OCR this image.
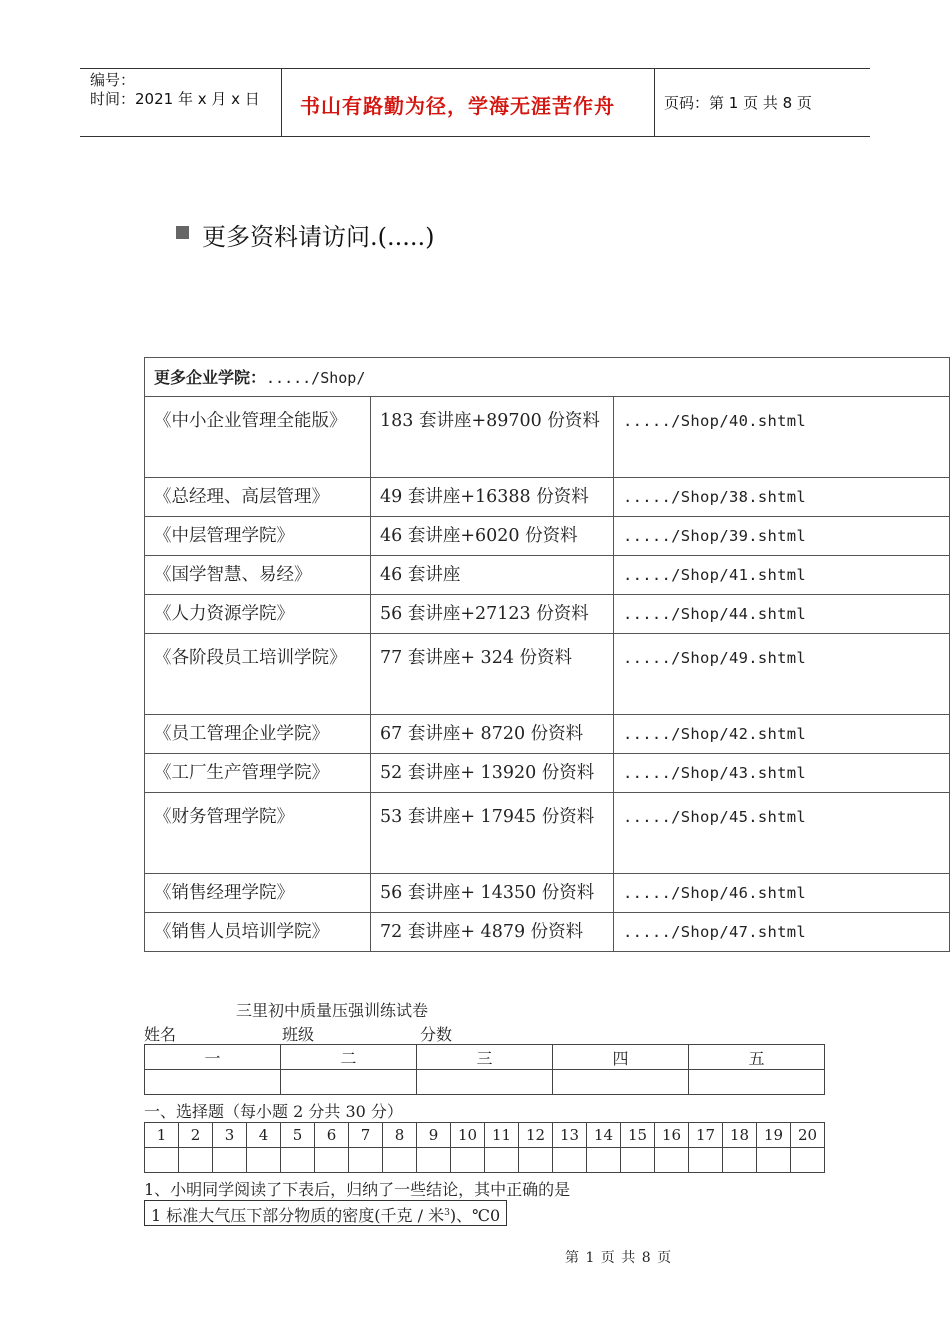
编号：
时间：2021 年 x 月 x 日 书山有路勤为径，学海无涯苦作舟	页码：第 1 页 共 8 页
更多资料请访问.(.....)
更多企业学院：...../Shop/		
《中小企业管理全能版》	183 套讲座+89700 份资料	...../Shop/40.shtml
《总经理、高层管理》	49 套讲座+16388 份资料	...../Shop/38.shtml
《中层管理学院》	46 套讲座+6020 份资料	...../Shop/39.shtml
《国学智慧、易经》	46 套讲座	...../Shop/41.shtml
《人力资源学院》	56 套讲座+27123 份资料	...../Shop/44.shtml
《各阶段员工培训学院》	77 套讲座+ 324 份资料	...../Shop/49.shtml
《员工管理企业学院》	67 套讲座+ 8720 份资料	...../Shop/42.shtml
《工厂生产管理学院》	52 套讲座+ 13920 份资料	...../Shop/43.shtml
《财务管理学院》	53 套讲座+ 17945 份资料	...../Shop/45.shtml
《销售经理学院》	56 套讲座+ 14350 份资料	...../Shop/46.shtml
《销售人员培训学院》	72 套讲座+ 4879 份资料	...../Shop/47.shtml
三里初中质量压强训练试卷
姓名	班级	分数
一	二	三	四	五

一、选择题（每小题 2 分共 30 分）
1	2	3	4	5	6	7	8	9	10	11	12	13	14	15	16	17	18	19	20

1、小明同学阅读了下表后，归纳了一些结论，其中正确的是
1 标准大气压下部分物质的密度(千克 / 米$^3$)、℃0
第 1 页 共 8 页
